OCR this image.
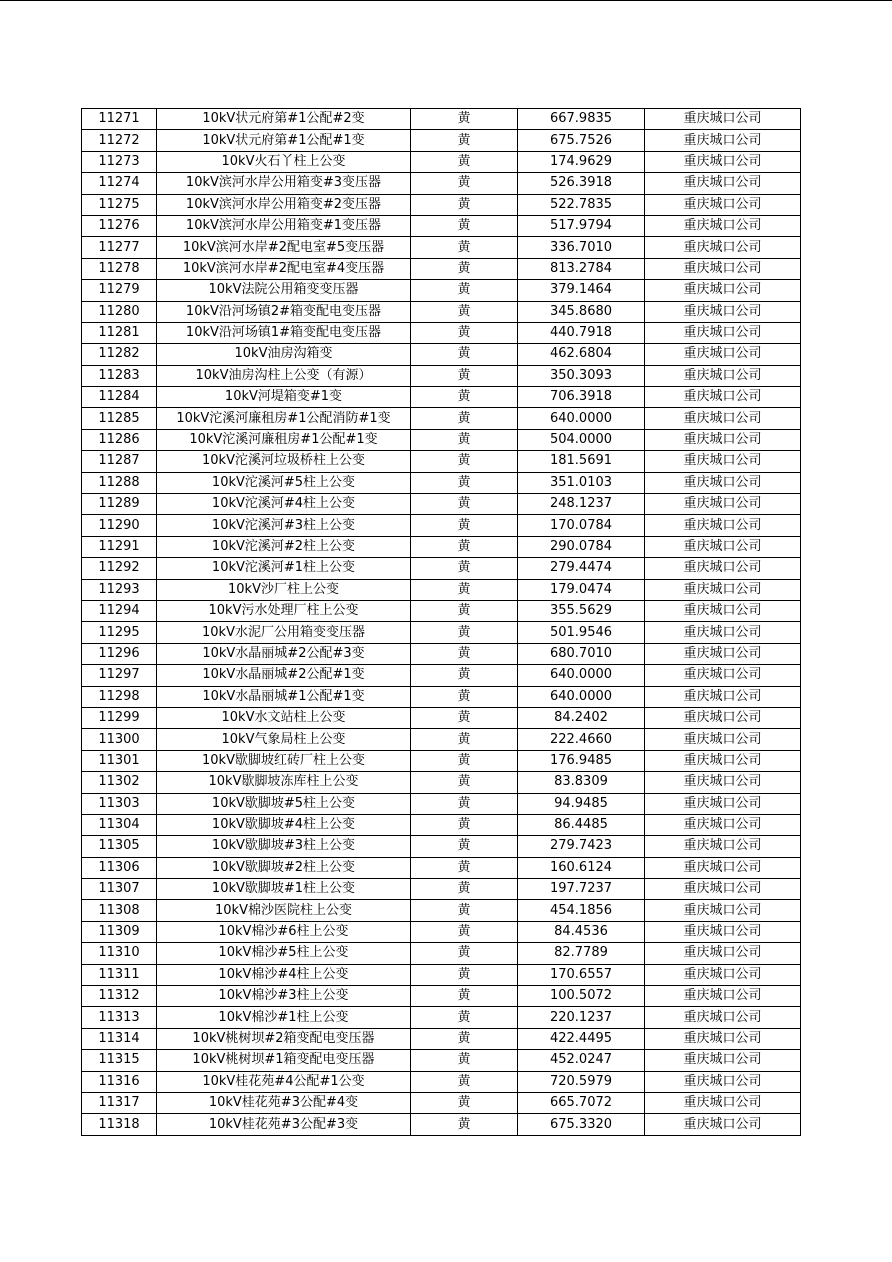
11271	10kV状元府第#1公配#2变	黄	667.9835	重庆城口公司
11272	10kV状元府第#1公配#1变	黄	675.7526	重庆城口公司
11273	10kV火石丫柱上公变	黄	174.9629	重庆城口公司
11274	10kV滨河水岸公用箱变#3变压器	黄	526.3918	重庆城口公司
11275	10kV滨河水岸公用箱变#2变压器	黄	522.7835	重庆城口公司
11276	10kV滨河水岸公用箱变#1变压器	黄	517.9794	重庆城口公司
11277	10kV滨河水岸#2配电室#5变压器	黄	336.7010	重庆城口公司
11278	10kV滨河水岸#2配电室#4变压器	黄	813.2784	重庆城口公司
11279	10kV法院公用箱变变压器	黄	379.1464	重庆城口公司
11280	10kV沿河场镇2#箱变配电变压器	黄	345.8680	重庆城口公司
11281	10kV沿河场镇1#箱变配电变压器	黄	440.7918	重庆城口公司
11282	10kV油房沟箱变	黄	462.6804	重庆城口公司
11283	10kV油房沟柱上公变（有源）	黄	350.3093	重庆城口公司
11284	10kV河堤箱变#1变	黄	706.3918	重庆城口公司
11285	10kV沱溪河廉租房#1公配消防#1变	黄	640.0000	重庆城口公司
11286	10kV沱溪河廉租房#1公配#1变	黄	504.0000	重庆城口公司
11287	10kV沱溪河垃圾桥柱上公变	黄	181.5691	重庆城口公司
11288	10kV沱溪河#5柱上公变	黄	351.0103	重庆城口公司
11289	10kV沱溪河#4柱上公变	黄	248.1237	重庆城口公司
11290	10kV沱溪河#3柱上公变	黄	170.0784	重庆城口公司
11291	10kV沱溪河#2柱上公变	黄	290.0784	重庆城口公司
11292	10kV沱溪河#1柱上公变	黄	279.4474	重庆城口公司
11293	10kV沙厂柱上公变	黄	179.0474	重庆城口公司
11294	10kV污水处理厂柱上公变	黄	355.5629	重庆城口公司
11295	10kV水泥厂公用箱变变压器	黄	501.9546	重庆城口公司
11296	10kV水晶丽城#2公配#3变	黄	680.7010	重庆城口公司
11297	10kV水晶丽城#2公配#1变	黄	640.0000	重庆城口公司
11298	10kV水晶丽城#1公配#1变	黄	640.0000	重庆城口公司
11299	10kV水文站柱上公变	黄	84.2402	重庆城口公司
11300	10kV气象局柱上公变	黄	222.4660	重庆城口公司
11301	10kV歇脚坡红砖厂柱上公变	黄	176.9485	重庆城口公司
11302	10kV歇脚坡冻库柱上公变	黄	83.8309	重庆城口公司
11303	10kV歇脚坡#5柱上公变	黄	94.9485	重庆城口公司
11304	10kV歇脚坡#4柱上公变	黄	86.4485	重庆城口公司
11305	10kV歇脚坡#3柱上公变	黄	279.7423	重庆城口公司
11306	10kV歇脚坡#2柱上公变	黄	160.6124	重庆城口公司
11307	10kV歇脚坡#1柱上公变	黄	197.7237	重庆城口公司
11308	10kV棉沙医院柱上公变	黄	454.1856	重庆城口公司
11309	10kV棉沙#6柱上公变	黄	84.4536	重庆城口公司
11310	10kV棉沙#5柱上公变	黄	82.7789	重庆城口公司
11311	10kV棉沙#4柱上公变	黄	170.6557	重庆城口公司
11312	10kV棉沙#3柱上公变	黄	100.5072	重庆城口公司
11313	10kV棉沙#1柱上公变	黄	220.1237	重庆城口公司
11314	10kV桃树坝#2箱变配电变压器	黄	422.4495	重庆城口公司
11315	10kV桃树坝#1箱变配电变压器	黄	452.0247	重庆城口公司
11316	10kV桂花苑#4公配#1公变	黄	720.5979	重庆城口公司
11317	10kV桂花苑#3公配#4变	黄	665.7072	重庆城口公司
11318	10kV桂花苑#3公配#3变	黄	675.3320	重庆城口公司
